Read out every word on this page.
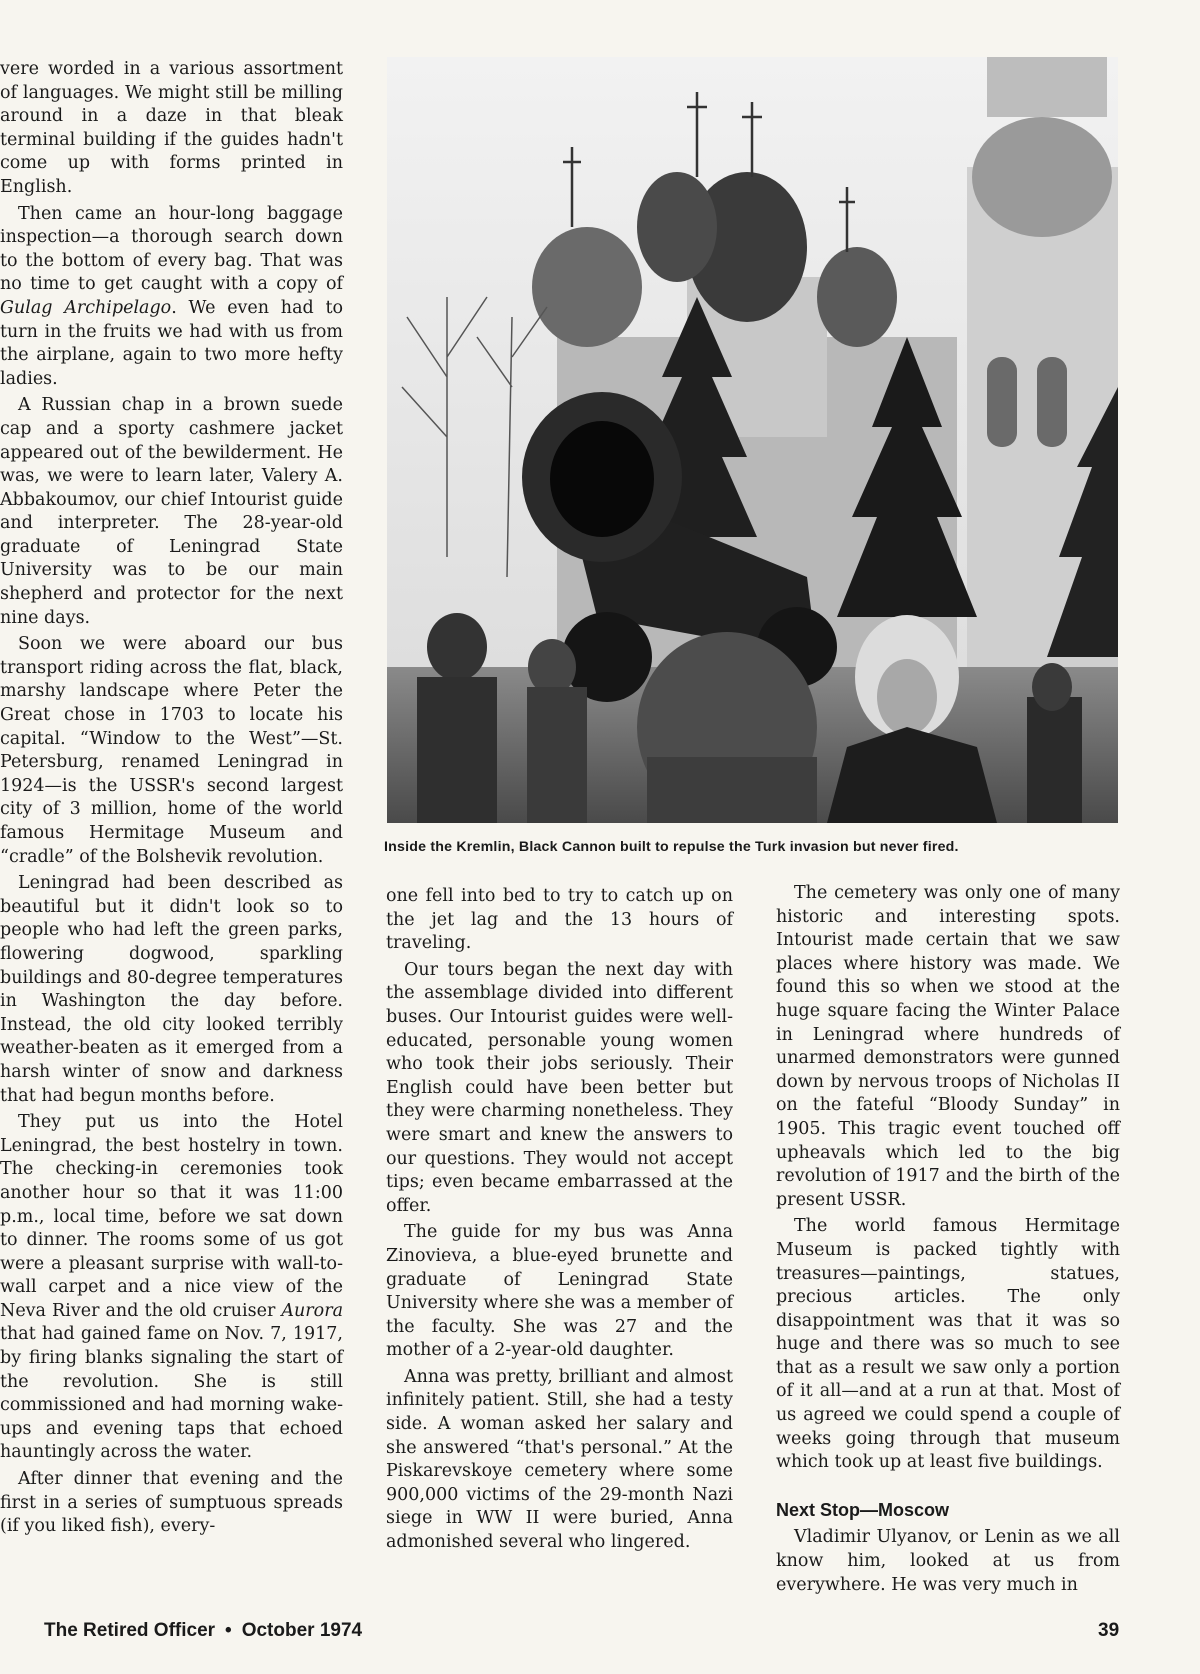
vere worded in a various assortment of languages. We might still be milling around in a daze in that bleak terminal building if the guides hadn't come up with forms printed in English.

Then came an hour-long baggage inspection—a thorough search down to the bottom of every bag. That was no time to get caught with a copy of Gulag Archipelago. We even had to turn in the fruits we had with us from the airplane, again to two more hefty ladies.

A Russian chap in a brown suede cap and a sporty cashmere jacket appeared out of the bewilderment. He was, we were to learn later, Valery A. Abbakoumov, our chief Intourist guide and interpreter. The 28-year-old graduate of Leningrad State University was to be our main shepherd and protector for the next nine days.

Soon we were aboard our bus transport riding across the flat, black, marshy landscape where Peter the Great chose in 1703 to locate his capital. “Window to the West”—St. Petersburg, renamed Leningrad in 1924—is the USSR's second largest city of 3 million, home of the world famous Hermitage Museum and “cradle” of the Bolshevik revolution.

Leningrad had been described as beautiful but it didn't look so to people who had left the green parks, flowering dogwood, sparkling buildings and 80-degree temperatures in Washington the day before. Instead, the old city looked terribly weather-beaten as it emerged from a harsh winter of snow and darkness that had begun months before.

They put us into the Hotel Leningrad, the best hostelry in town. The checking-in ceremonies took another hour so that it was 11:00 p.m., local time, before we sat down to dinner. The rooms some of us got were a pleasant surprise with wall-to-wall carpet and a nice view of the Neva River and the old cruiser Aurora that had gained fame on Nov. 7, 1917, by firing blanks signaling the start of the revolution. She is still commissioned and had morning wake-ups and evening taps that echoed hauntingly across the water.

After dinner that evening and the first in a series of sumptuous spreads (if you liked fish), every-

Inside the Kremlin, Black Cannon built to repulse the Turk invasion but never fired.

one fell into bed to try to catch up on the jet lag and the 13 hours of traveling.

Our tours began the next day with the assemblage divided into different buses. Our Intourist guides were well-educated, personable young women who took their jobs seriously. Their English could have been better but they were charming nonetheless. They were smart and knew the answers to our questions. They would not accept tips; even became embarrassed at the offer.

The guide for my bus was Anna Zinovieva, a blue-eyed brunette and graduate of Leningrad State University where she was a member of the faculty. She was 27 and the mother of a 2-year-old daughter.

Anna was pretty, brilliant and almost infinitely patient. Still, she had a testy side. A woman asked her salary and she answered “that's personal.” At the Piskarevskoye cemetery where some 900,000 victims of the 29-month Nazi siege in WW II were buried, Anna admonished several who lingered.

The cemetery was only one of many historic and interesting spots. Intourist made certain that we saw places where history was made. We found this so when we stood at the huge square facing the Winter Palace in Leningrad where hundreds of unarmed demonstrators were gunned down by nervous troops of Nicholas II on the fateful “Bloody Sunday” in 1905. This tragic event touched off upheavals which led to the big revolution of 1917 and the birth of the present USSR.

The world famous Hermitage Museum is packed tightly with treasures—paintings, statues, precious articles. The only disappointment was that it was so huge and there was so much to see that as a result we saw only a portion of it all—and at a run at that. Most of us agreed we could spend a couple of weeks going through that museum which took up at least five buildings.

Next Stop—Moscow

Vladimir Ulyanov, or Lenin as we all know him, looked at us from everywhere. He was very much in

The Retired Officer • October 1974	39
